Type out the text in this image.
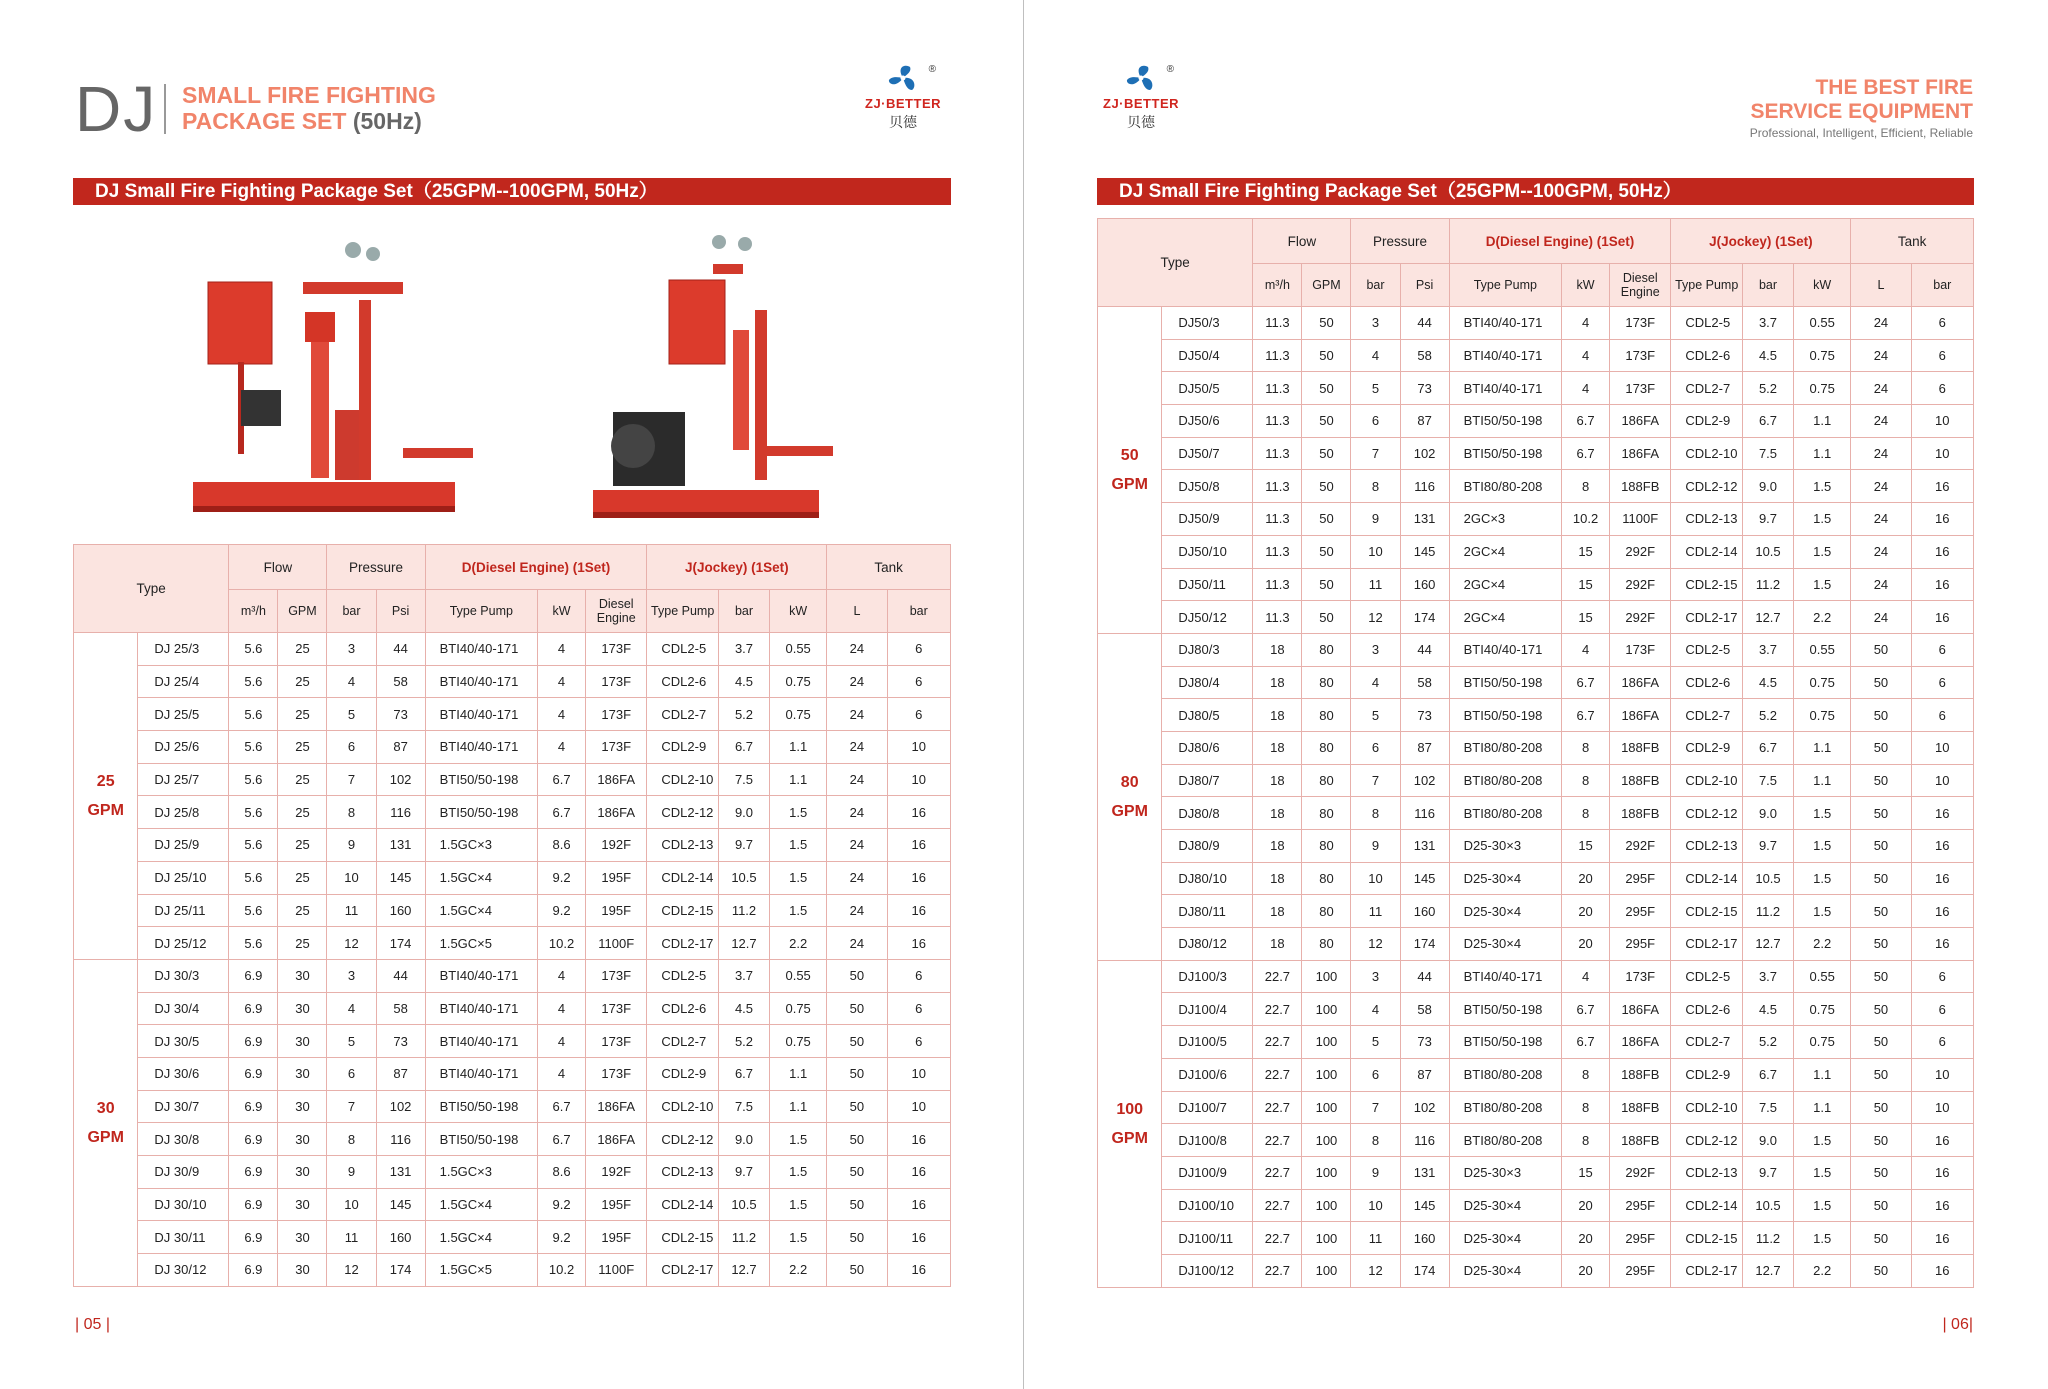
DJ SMALL FIRE FIGHTING
PACKAGE SET (50Hz)
®
ZJ·BETTER
贝德
DJ Small Fire Fighting Package Set（25GPM--100GPM, 50Hz）
Type		Flow		Pressure		D(Diesel Engine) (1Set)			J(Jockey) (1Set)			Tank	
		m³/h	GPM	bar	Psi	Type Pump	kW	Diesel Engine	Type Pump	bar	kW	L	bar

25
GPM	DJ 25/3	5.6	25	3	44	BTI40/40-171	4	173F	CDL2-5	3.7	0.55	24	6
	DJ 25/4	5.6	25	4	58	BTI40/40-171	4	173F	CDL2-6	4.5	0.75	24	6
	DJ 25/5	5.6	25	5	73	BTI40/40-171	4	173F	CDL2-7	5.2	0.75	24	6
	DJ 25/6	5.6	25	6	87	BTI40/40-171	4	173F	CDL2-9	6.7	1.1	24	10
	DJ 25/7	5.6	25	7	102	BTI50/50-198	6.7	186FA	CDL2-10	7.5	1.1	24	10
	DJ 25/8	5.6	25	8	116	BTI50/50-198	6.7	186FA	CDL2-12	9.0	1.5	24	16
	DJ 25/9	5.6	25	9	131	1.5GC×3	8.6	192F	CDL2-13	9.7	1.5	24	16
	DJ 25/10	5.6	25	10	145	1.5GC×4	9.2	195F	CDL2-14	10.5	1.5	24	16
	DJ 25/11	5.6	25	11	160	1.5GC×4	9.2	195F	CDL2-15	11.2	1.5	24	16
	DJ 25/12	5.6	25	12	174	1.5GC×5	10.2	1100F	CDL2-17	12.7	2.2	24	16

30
GPM	DJ 30/3	6.9	30	3	44	BTI40/40-171	4	173F	CDL2-5	3.7	0.55	50	6
	DJ 30/4	6.9	30	4	58	BTI40/40-171	4	173F	CDL2-6	4.5	0.75	50	6
	DJ 30/5	6.9	30	5	73	BTI40/40-171	4	173F	CDL2-7	5.2	0.75	50	6
	DJ 30/6	6.9	30	6	87	BTI40/40-171	4	173F	CDL2-9	6.7	1.1	50	10
	DJ 30/7	6.9	30	7	102	BTI50/50-198	6.7	186FA	CDL2-10	7.5	1.1	50	10
	DJ 30/8	6.9	30	8	116	BTI50/50-198	6.7	186FA	CDL2-12	9.0	1.5	50	16
	DJ 30/9	6.9	30	9	131	1.5GC×3	8.6	192F	CDL2-13	9.7	1.5	50	16
	DJ 30/10	6.9	30	10	145	1.5GC×4	9.2	195F	CDL2-14	10.5	1.5	50	16
	DJ 30/11	6.9	30	11	160	1.5GC×4	9.2	195F	CDL2-15	11.2	1.5	50	16
	DJ 30/12	6.9	30	12	174	1.5GC×5	10.2	1100F	CDL2-17	12.7	2.2	50	16
| 05 |
®
ZJ·BETTER
贝德
THE BEST FIRE
SERVICE EQUIPMENT
Professional, Intelligent, Efficient, Reliable
DJ Small Fire Fighting Package Set（25GPM--100GPM, 50Hz）
Type		Flow		Pressure		D(Diesel Engine) (1Set)			J(Jockey) (1Set)			Tank	
		m³/h	GPM	bar	Psi	Type Pump	kW	Diesel Engine	Type Pump	bar	kW	L	bar

50
GPM	DJ50/3	11.3	50	3	44	BTI40/40-171	4	173F	CDL2-5	3.7	0.55	24	6
	DJ50/4	11.3	50	4	58	BTI40/40-171	4	173F	CDL2-6	4.5	0.75	24	6
	DJ50/5	11.3	50	5	73	BTI40/40-171	4	173F	CDL2-7	5.2	0.75	24	6
	DJ50/6	11.3	50	6	87	BTI50/50-198	6.7	186FA	CDL2-9	6.7	1.1	24	10
	DJ50/7	11.3	50	7	102	BTI50/50-198	6.7	186FA	CDL2-10	7.5	1.1	24	10
	DJ50/8	11.3	50	8	116	BTI80/80-208	8	188FB	CDL2-12	9.0	1.5	24	16
	DJ50/9	11.3	50	9	131	2GC×3	10.2	1100F	CDL2-13	9.7	1.5	24	16
	DJ50/10	11.3	50	10	145	2GC×4	15	292F	CDL2-14	10.5	1.5	24	16
	DJ50/11	11.3	50	11	160	2GC×4	15	292F	CDL2-15	11.2	1.5	24	16
	DJ50/12	11.3	50	12	174	2GC×4	15	292F	CDL2-17	12.7	2.2	24	16

80
GPM	DJ80/3	18	80	3	44	BTI40/40-171	4	173F	CDL2-5	3.7	0.55	50	6
	DJ80/4	18	80	4	58	BTI50/50-198	6.7	186FA	CDL2-6	4.5	0.75	50	6
	DJ80/5	18	80	5	73	BTI50/50-198	6.7	186FA	CDL2-7	5.2	0.75	50	6
	DJ80/6	18	80	6	87	BTI80/80-208	8	188FB	CDL2-9	6.7	1.1	50	10
	DJ80/7	18	80	7	102	BTI80/80-208	8	188FB	CDL2-10	7.5	1.1	50	10
	DJ80/8	18	80	8	116	BTI80/80-208	8	188FB	CDL2-12	9.0	1.5	50	16
	DJ80/9	18	80	9	131	D25-30×3	15	292F	CDL2-13	9.7	1.5	50	16
	DJ80/10	18	80	10	145	D25-30×4	20	295F	CDL2-14	10.5	1.5	50	16
	DJ80/11	18	80	11	160	D25-30×4	20	295F	CDL2-15	11.2	1.5	50	16
	DJ80/12	18	80	12	174	D25-30×4	20	295F	CDL2-17	12.7	2.2	50	16

100
GPM	DJ100/3	22.7	100	3	44	BTI40/40-171	4	173F	CDL2-5	3.7	0.55	50	6
	DJ100/4	22.7	100	4	58	BTI50/50-198	6.7	186FA	CDL2-6	4.5	0.75	50	6
	DJ100/5	22.7	100	5	73	BTI50/50-198	6.7	186FA	CDL2-7	5.2	0.75	50	6
	DJ100/6	22.7	100	6	87	BTI80/80-208	8	188FB	CDL2-9	6.7	1.1	50	10
	DJ100/7	22.7	100	7	102	BTI80/80-208	8	188FB	CDL2-10	7.5	1.1	50	10
	DJ100/8	22.7	100	8	116	BTI80/80-208	8	188FB	CDL2-12	9.0	1.5	50	16
	DJ100/9	22.7	100	9	131	D25-30×3	15	292F	CDL2-13	9.7	1.5	50	16
	DJ100/10	22.7	100	10	145	D25-30×4	20	295F	CDL2-14	10.5	1.5	50	16
	DJ100/11	22.7	100	11	160	D25-30×4	20	295F	CDL2-15	11.2	1.5	50	16
	DJ100/12	22.7	100	12	174	D25-30×4	20	295F	CDL2-17	12.7	2.2	50	16
| 06|
